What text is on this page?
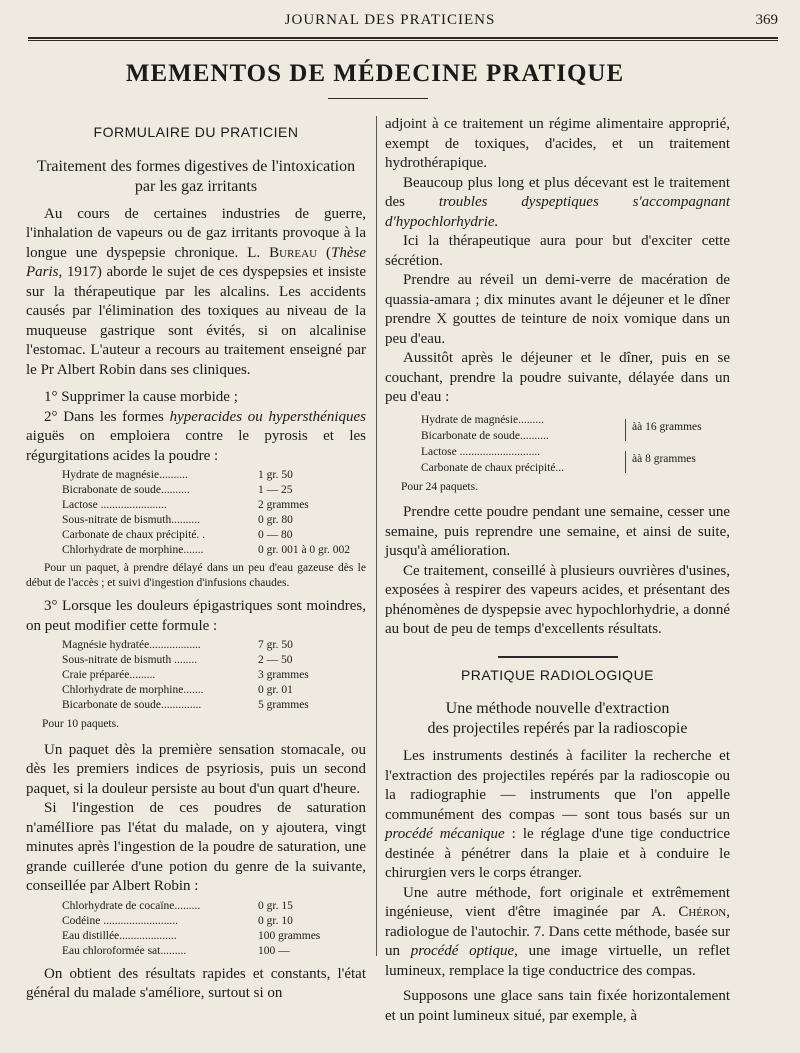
JOURNAL DES PRATICIENS	369
MEMENTOS DE MÉDECINE PRATIQUE
FORMULAIRE DU PRATICIEN
Traitement des formes digestives de l'intoxication
par les gaz irritants

Au cours de certaines industries de guerre, l'inhalation de vapeurs ou de gaz irritants provoque à la longue une dyspepsie chronique. L. Bureau (Thèse Paris, 1917) aborde le sujet de ces dyspepsies et insiste sur la thérapeutique par les alcalins. Les accidents causés par l'élimination des toxiques au niveau de la muqueuse gastrique sont évités, si on alcalinise l'estomac. L'auteur a recours au traitement enseigné par le Pr Albert Robin dans ses cliniques.

1° Supprimer la cause morbide ;

2° Dans les formes hyperacides ou hypersthéniques aiguës on emploiera contre le pyrosis et les régurgitations acides la poudre :

Hydrate de magnésie..........	1 gr. 50
Bicrabonate de soude..........	1 — 25
Lactose .......................	2 grammes
Sous-nitrate de bismuth..........	0 gr. 80
Carbonate de chaux précipité. .	0 — 80
Chlorhydrate de morphine.......	0 gr. 001 à 0 gr. 002
Pour un paquet, à prendre délayé dans un peu d'eau gazeuse dès le début de l'accès ; et suivi d'ingestion d'infusions chaudes.

3° Lorsque les douleurs épigastriques sont moindres, on peut modifier cette formule :

Magnésie hydratée..................	7 gr. 50
Sous-nitrate de bismuth ........	2 — 50
Craie préparée.........	3 grammes
Chlorhydrate de morphine.......	0 gr. 01
Bicarbonate de soude..............	5 grammes
Pour 10 paquets.

Un paquet dès la première sensation stomacale, ou dès les premiers indices de psyriosis, puis un second paquet, si la douleur persiste au bout d'un quart d'heure.

Si l'ingestion de ces poudres de saturation n'amélIiore pas l'état du malade, on y ajoutera, vingt minutes après l'ingestion de la poudre de saturation, une grande cuillerée d'une potion du genre de la suivante, conseillée par Albert Robin :

Chlorhydrate de cocaïne.........	0 gr. 15
Codéine ..........................	0 gr. 10
Eau distillée....................	100 grammes
Eau chloroformée sat.........	100 —

On obtient des résultats rapides et constants, l'état général du malade s'améliore, surtout si on

adjoint à ce traitement un régime alimentaire approprié, exempt de toxiques, d'acides, et un traitement hydrothérapique.

Beaucoup plus long et plus décevant est le traitement des troubles dyspeptiques s'accompagnant d'hypochlorhydrie.

Ici la thérapeutique aura pour but d'exciter cette sécrétion.

Prendre au réveil un demi-verre de macération de quassia-amara ; dix minutes avant le déjeuner et le dîner prendre X gouttes de teinture de noix vomique dans un peu d'eau.

Aussitôt après le déjeuner et le dîner, puis en se couchant, prendre la poudre suivante, délayée dans un peu d'eau :

Hydrate de magnésie.........
Bicarbonate de soude..........
àà 16 grammes
Lactose ............................
Carbonate de chaux précipité...
àà 8 grammes
Pour 24 paquets.

Prendre cette poudre pendant une semaine, cesser une semaine, puis reprendre une semaine, et ainsi de suite, jusqu'à amélioration.

Ce traitement, conseillé à plusieurs ouvrières d'usines, exposées à respirer des vapeurs acides, et présentant des phénomènes de dyspepsie avec hypochlorhydrie, a donné au bout de peu de temps d'excellents résultats.

PRATIQUE RADIOLOGIQUE
Une méthode nouvelle d'extraction
des projectiles repérés par la radioscopie

Les instruments destinés à faciliter la recherche et l'extraction des projectiles repérés par la radioscopie ou la radiographie — instruments que l'on appelle communément des compas — sont tous basés sur un procédé mécanique : le réglage d'une tige conductrice destinée à pénétrer dans la plaie et à conduire le chirurgien vers le corps étranger.

Une autre méthode, fort originale et extrêmement ingénieuse, vient d'être imaginée par A. Chéron, radiologue de l'autochir. 7. Dans cette méthode, basée sur un procédé optique, une image virtuelle, un reflet lumineux, remplace la tige conductrice des compas.

Supposons une glace sans tain fixée horizontalement et un point lumineux situé, par exemple, à
